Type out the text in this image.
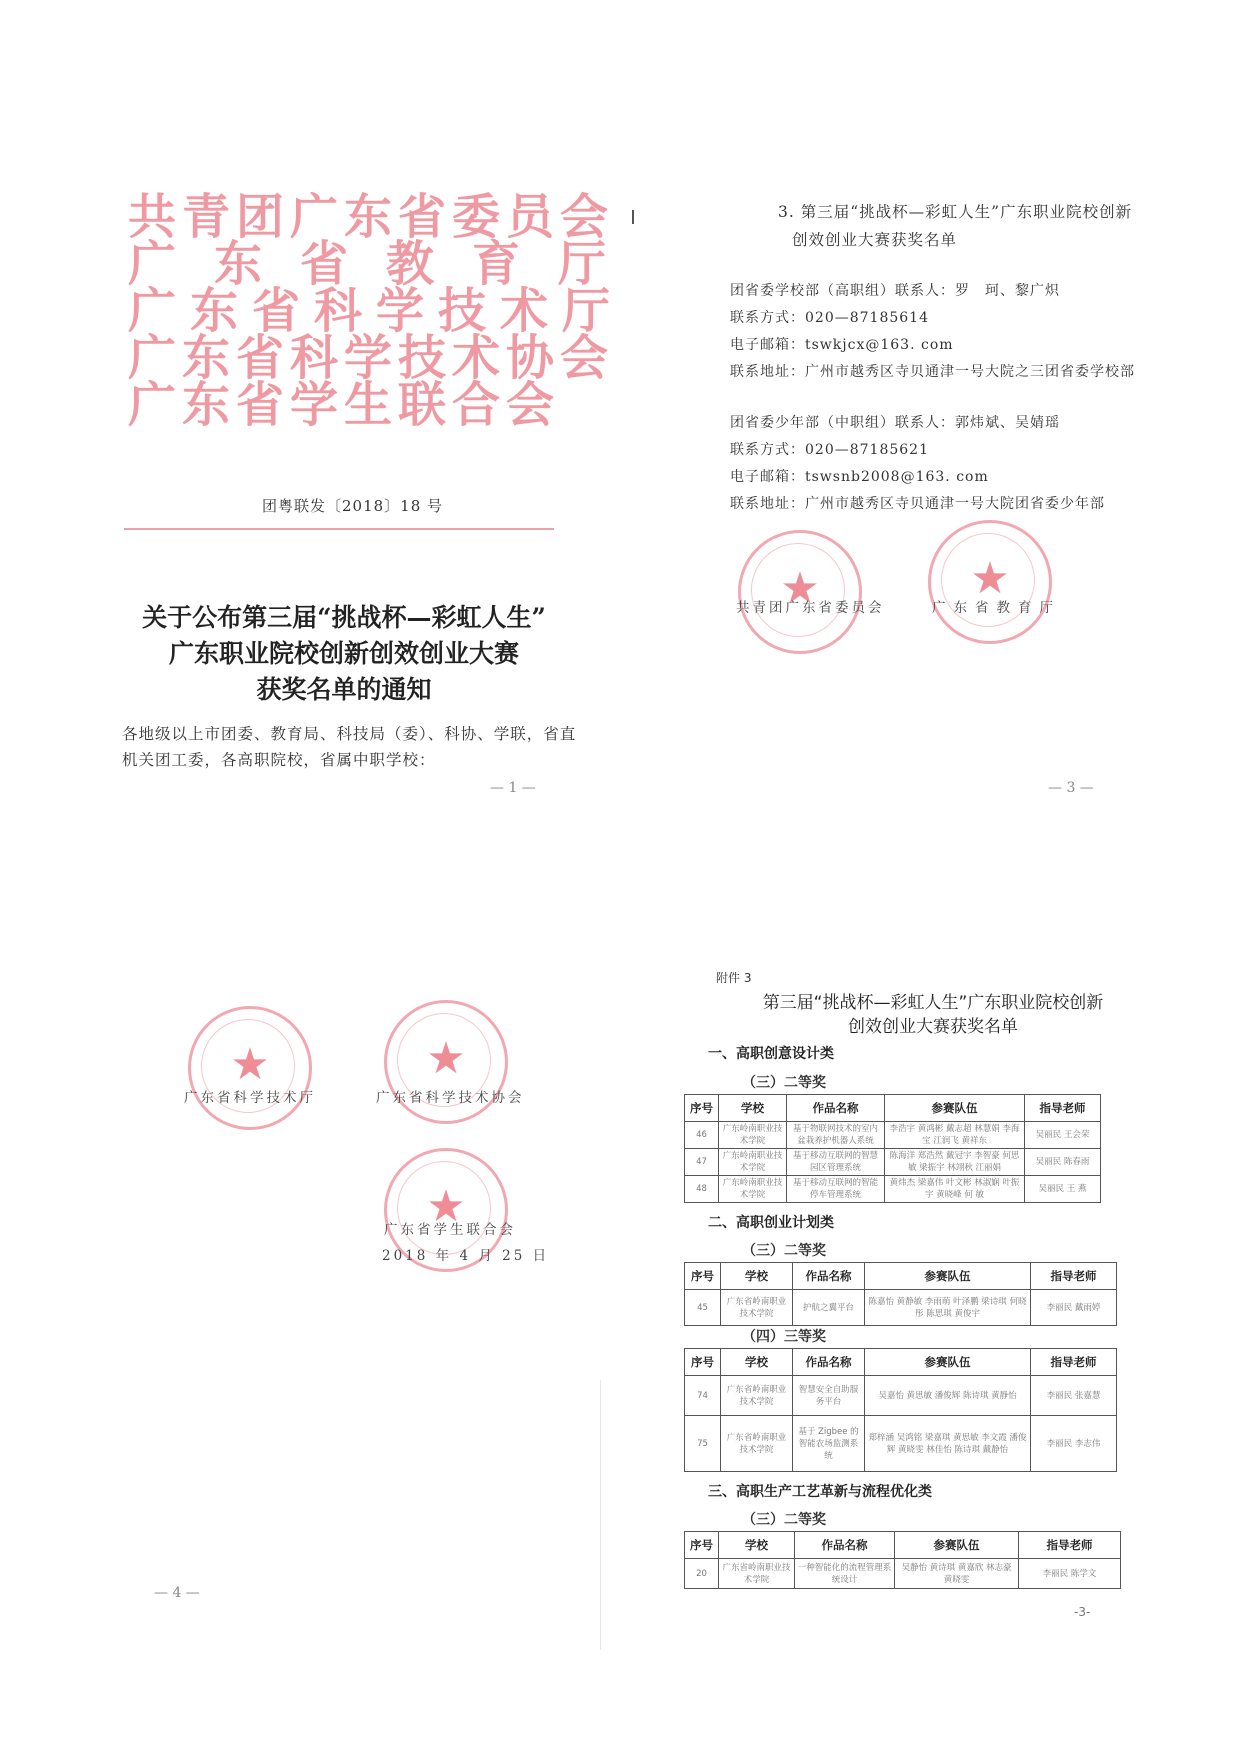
共青团广东省委员会
广东省教育厅
广东省科学技术厅
广东省科学技术协会
广东省学生联合会
团粤联发〔2018〕18 号
关于公布第三届“挑战杯—彩虹人生”
广东职业院校创新创效创业大赛
获奖名单的通知
各地级以上市团委、教育局、科技局（委）、科协、学联，省直
机关团工委，各高职院校，省属中职学校：
— 1 —
3. 第三届“挑战杯—彩虹人生”广东职业院校创新
创效创业大赛获奖名单
团省委学校部（高职组）联系人：罗　珂、黎广炽
联系方式：020—87185614
电子邮箱：tswkjcx@163. com
联系地址：广州市越秀区寺贝通津一号大院之三团省委学校部
团省委少年部（中职组）联系人：郭炜斌、吴婧瑶
联系方式：020—87185621
电子邮箱：tswsnb2008@163. com
联系地址：广州市越秀区寺贝通津一号大院团省委少年部
★
共青团广东省委员会
★
广东省教育厅
— 3 —
★
广东省科学技术厅
★
广东省科学技术协会
★
广东省学生联合会
2018 年 4 月 25 日
— 4 —
附件 3
第三届“挑战杯—彩虹人生”广东职业院校创新
创效创业大赛获奖名单
一、高职创意设计类
（三）二等奖
序号	学校	作品名称	参赛队伍	指导老师
46	广东岭南职业技术学院	基于物联网技术的室内盆栽养护机器人系统	李浩宇 黄鸿彬 戴志超 林慧娟 李海宝 江润飞 黄祥东	吴丽民 王会荣
47	广东岭南职业技术学院	基于移动互联网的智慧园区管理系统	陈海洋 郑浩然 戴冠宇 李智豪 何思敏 梁振宇 林翊秋 江丽娟	吴丽民 陈春雨
48	广东岭南职业技术学院	基于移动互联网的智能停车管理系统	黄炜杰 梁嘉伟 叶文彬 林淑娴 叶振宇 黄晓峰 何 敏	吴丽民 王 燕
二、高职创业计划类
（三）二等奖
序号	学校	作品名称	参赛队伍	指导老师
45	广东省岭南职业技术学院	护航之翼平台	陈嘉怡 黄静敏 李雨萌 叶泽鹏 梁诗琪 何晓彤 陈思琪 黄俊宇	李丽民 戴雨婷
（四）三等奖
序号	学校	作品名称	参赛队伍	指导老师
74	广东省岭南职业技术学院	智慧安全自助服务平台	吴嘉怡 黄思敏 潘俊辉 陈诗琪 黄静怡	李丽民 张嘉慧
75	广东省岭南职业技术学院	基于 Zigbee 的智能农场监测系统	郑梓涵 吴鸿铭 梁嘉琪 黄思敏 李文霞 潘俊辉 黄晓雯 林佳怡 陈诗琪 戴静怡	李丽民 李志伟
三、高职生产工艺革新与流程优化类
（三）二等奖
序号	学校	作品名称	参赛队伍	指导老师
20	广东省岭南职业技术学院	一种智能化的流程管理系统设计	吴静怡 黄诗琪 黄嘉欣 林志豪 黄晓雯	李丽民 陈学文
-3-
